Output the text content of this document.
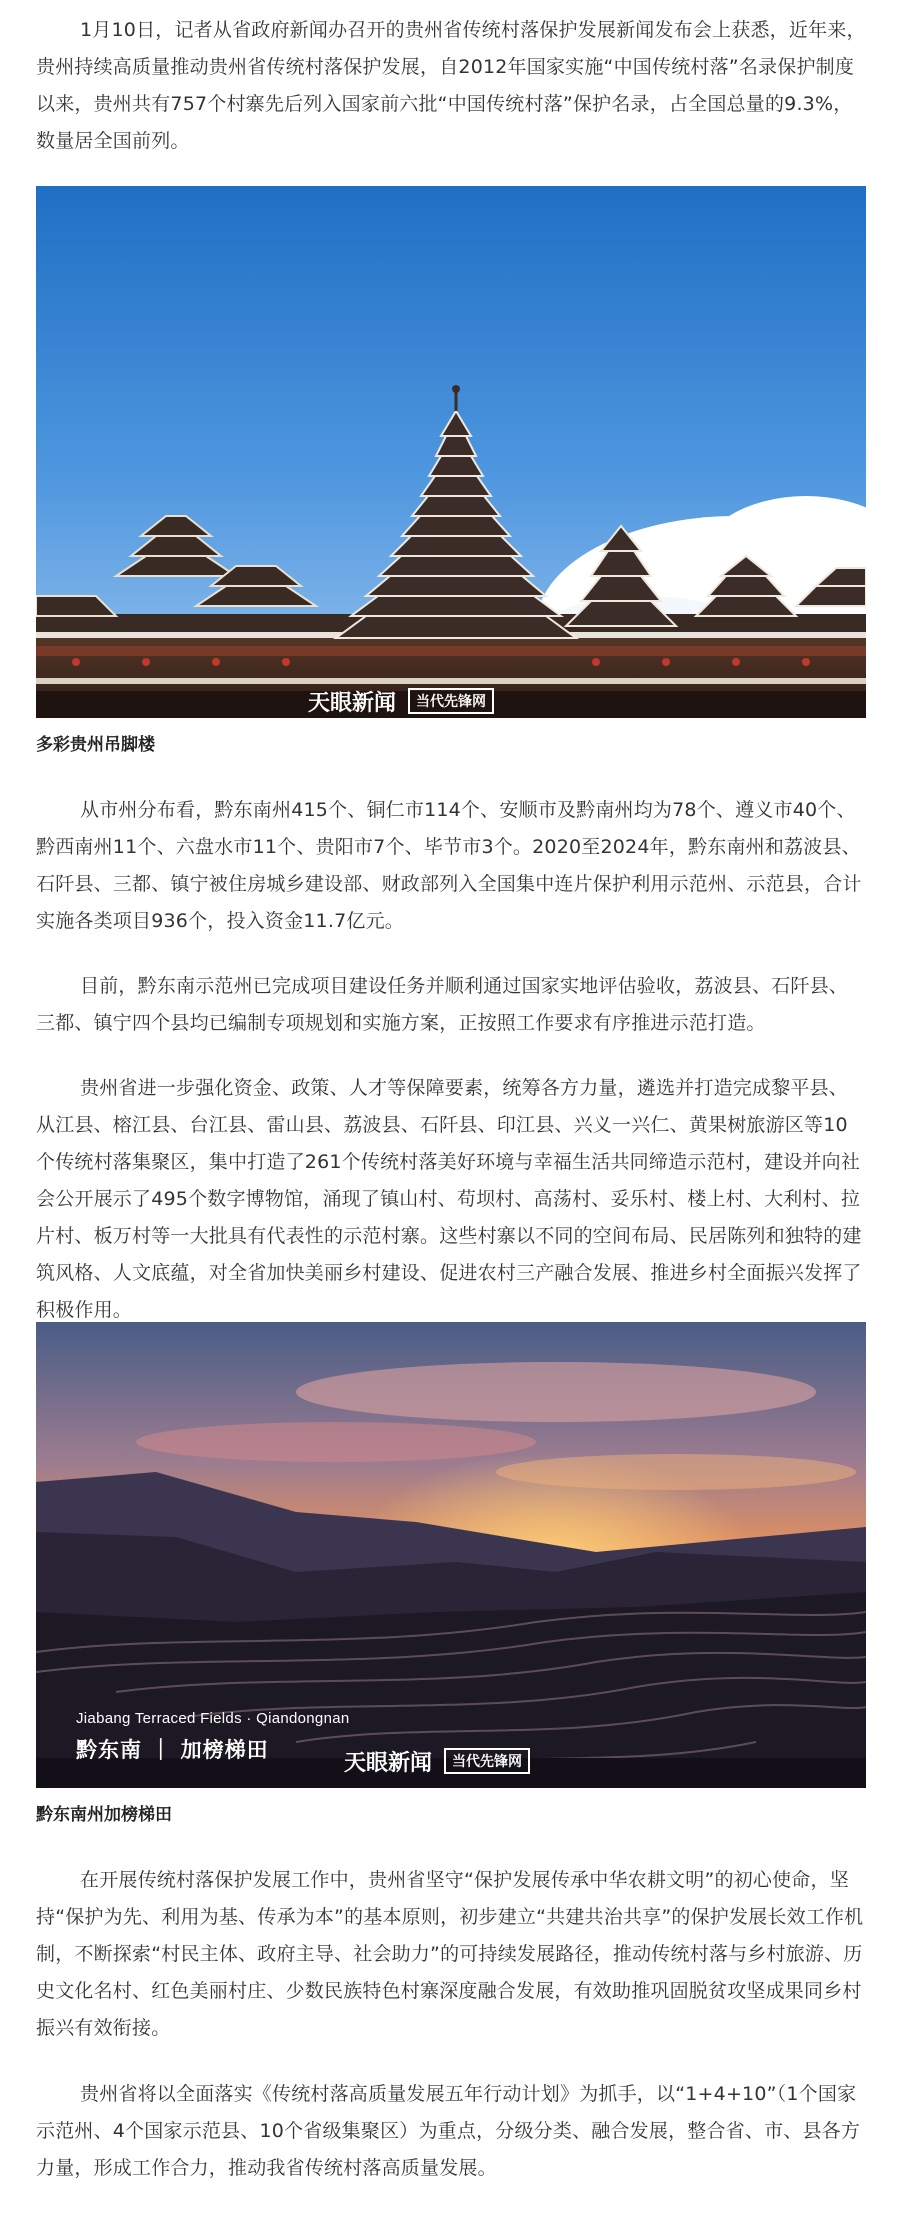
1月10日，记者从省政府新闻办召开的贵州省传统村落保护发展新闻发布会上获悉，近年来，贵州持续高质量推动贵州省传统村落保护发展，自2012年国家实施“中国传统村落”名录保护制度以来，贵州共有757个村寨先后列入国家前六批“中国传统村落”保护名录，占全国总量的9.3%，数量居全国前列。

天眼新闻	当代先锋网

多彩贵州吊脚楼

从市州分布看，黔东南州415个、铜仁市114个、安顺市及黔南州均为78个、遵义市40个、黔西南州11个、六盘水市11个、贵阳市7个、毕节市3个。2020至2024年，黔东南州和荔波县、石阡县、三都、镇宁被住房城乡建设部、财政部列入全国集中连片保护利用示范州、示范县，合计实施各类项目936个，投入资金11.7亿元。

目前，黔东南示范州已完成项目建设任务并顺利通过国家实地评估验收，荔波县、石阡县、三都、镇宁四个县均已编制专项规划和实施方案，正按照工作要求有序推进示范打造。

贵州省进一步强化资金、政策、人才等保障要素，统筹各方力量，遴选并打造完成黎平县、从江县、榕江县、台江县、雷山县、荔波县、石阡县、印江县、兴义一兴仁、黄果树旅游区等10个传统村落集聚区，集中打造了261个传统村落美好环境与幸福生活共同缔造示范村，建设并向社会公开展示了495个数字博物馆，涌现了镇山村、苟坝村、高荡村、妥乐村、楼上村、大利村、拉片村、板万村等一大批具有代表性的示范村寨。这些村寨以不同的空间布局、民居陈列和独特的建筑风格、人文底蕴，对全省加快美丽乡村建设、促进农村三产融合发展、推进乡村全面振兴发挥了积极作用。

Jiabang Terraced Fields · Qiandongnan
黔东南 ｜ 加榜梯田
天眼新闻	当代先锋网

黔东南州加榜梯田

在开展传统村落保护发展工作中，贵州省坚守“保护发展传承中华农耕文明”的初心使命，坚持“保护为先、利用为基、传承为本”的基本原则，初步建立“共建共治共享”的保护发展长效工作机制，不断探索“村民主体、政府主导、社会助力”的可持续发展路径，推动传统村落与乡村旅游、历史文化名村、红色美丽村庄、少数民族特色村寨深度融合发展，有效助推巩固脱贫攻坚成果同乡村振兴有效衔接。

贵州省将以全面落实《传统村落高质量发展五年行动计划》为抓手，以“1+4+10”（1个国家示范州、4个国家示范县、10个省级集聚区）为重点，分级分类、融合发展，整合省、市、县各方力量，形成工作合力，推动我省传统村落高质量发展。
